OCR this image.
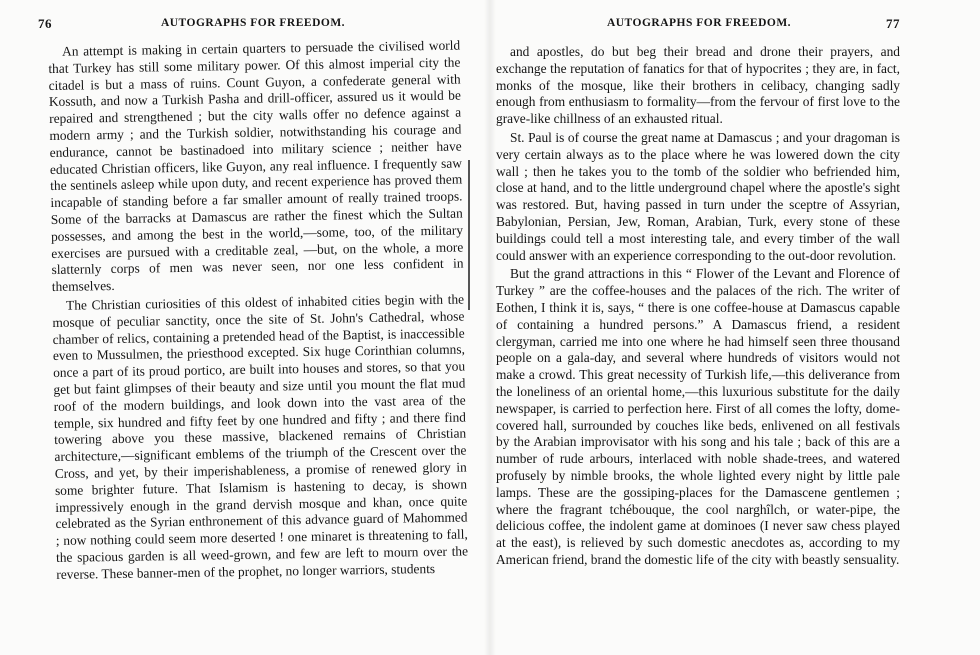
76	AUTOGRAPHS FOR FREEDOM.

An attempt is making in certain quarters to persuade the civilised world that Turkey has still some military power. Of this almost imperial city the citadel is but a mass of ruins. Count Guyon, a confederate general with Kossuth, and now a Turkish Pasha and drill-officer, assured us it would be repaired and strengthened ; but the city walls offer no defence against a modern army ; and the Turkish soldier, notwithstanding his courage and endurance, cannot be bastinadoed into military science ; neither have educated Christian officers, like Guyon, any real influence. I frequently saw the sentinels asleep while upon duty, and recent experience has proved them incapable of standing before a far smaller amount of really trained troops. Some of the barracks at Damascus are rather the finest which the Sultan possesses, and among the best in the world,—some, too, of the military exercises are pursued with a creditable zeal, —but, on the whole, a more slatternly corps of men was never seen, nor one less confident in themselves.

The Christian curiosities of this oldest of inhabited cities begin with the mosque of peculiar sanctity, once the site of St. John's Cathedral, whose chamber of relics, containing a pretended head of the Baptist, is inaccessible even to Mussulmen, the priesthood excepted. Six huge Corinthian columns, once a part of its proud portico, are built into houses and stores, so that you get but faint glimpses of their beauty and size until you mount the flat mud roof of the modern buildings, and look down into the vast area of the temple, six hundred and fifty feet by one hundred and fifty ; and there find towering above you these massive, blackened remains of Christian architecture,—significant emblems of the triumph of the Crescent over the Cross, and yet, by their imperishableness, a promise of renewed glory in some brighter future. That Islamism is hastening to decay, is shown impressively enough in the grand dervish mosque and khan, once quite celebrated as the Syrian enthronement of this advance guard of Mahommed ; now nothing could seem more deserted ! one minaret is threatening to fall, the spacious garden is all weed-grown, and few are left to mourn over the reverse. These banner-men of the prophet, no longer warriors, students

AUTOGRAPHS FOR FREEDOM.	77

and apostles, do but beg their bread and drone their prayers, and exchange the reputation of fanatics for that of hypocrites ; they are, in fact, monks of the mosque, like their brothers in celibacy, changing sadly enough from enthusiasm to formality—from the fervour of first love to the grave-like chillness of an exhausted ritual.

St. Paul is of course the great name at Damascus ; and your dragoman is very certain always as to the place where he was lowered down the city wall ; then he takes you to the tomb of the soldier who befriended him, close at hand, and to the little underground chapel where the apostle's sight was restored. But, having passed in turn under the sceptre of Assyrian, Babylonian, Persian, Jew, Roman, Arabian, Turk, every stone of these buildings could tell a most interesting tale, and every timber of the wall could answer with an experience corresponding to the out-door revolution.

But the grand attractions in this “ Flower of the Levant and Florence of Turkey ” are the coffee-houses and the palaces of the rich. The writer of Eothen, I think it is, says, “ there is one coffee-house at Damascus capable of containing a hundred persons.” A Damascus friend, a resident clergyman, carried me into one where he had himself seen three thousand people on a gala-day, and several where hundreds of visitors would not make a crowd. This great necessity of Turkish life,—this deliverance from the loneliness of an oriental home,—this luxurious substitute for the daily newspaper, is carried to perfection here. First of all comes the lofty, dome-covered hall, surrounded by couches like beds, enlivened on all festivals by the Arabian improvisator with his song and his tale ; back of this are a number of rude arbours, interlaced with noble shade-trees, and watered profusely by nimble brooks, the whole lighted every night by little pale lamps. These are the gossiping-places for the Damascene gentlemen ; where the fragrant tchébouque, the cool narghîlch, or water-pipe, the delicious coffee, the indolent game at dominoes (I never saw chess played at the east), is relieved by such domestic anecdotes as, according to my American friend, brand the domestic life of the city with beastly sensuality.
